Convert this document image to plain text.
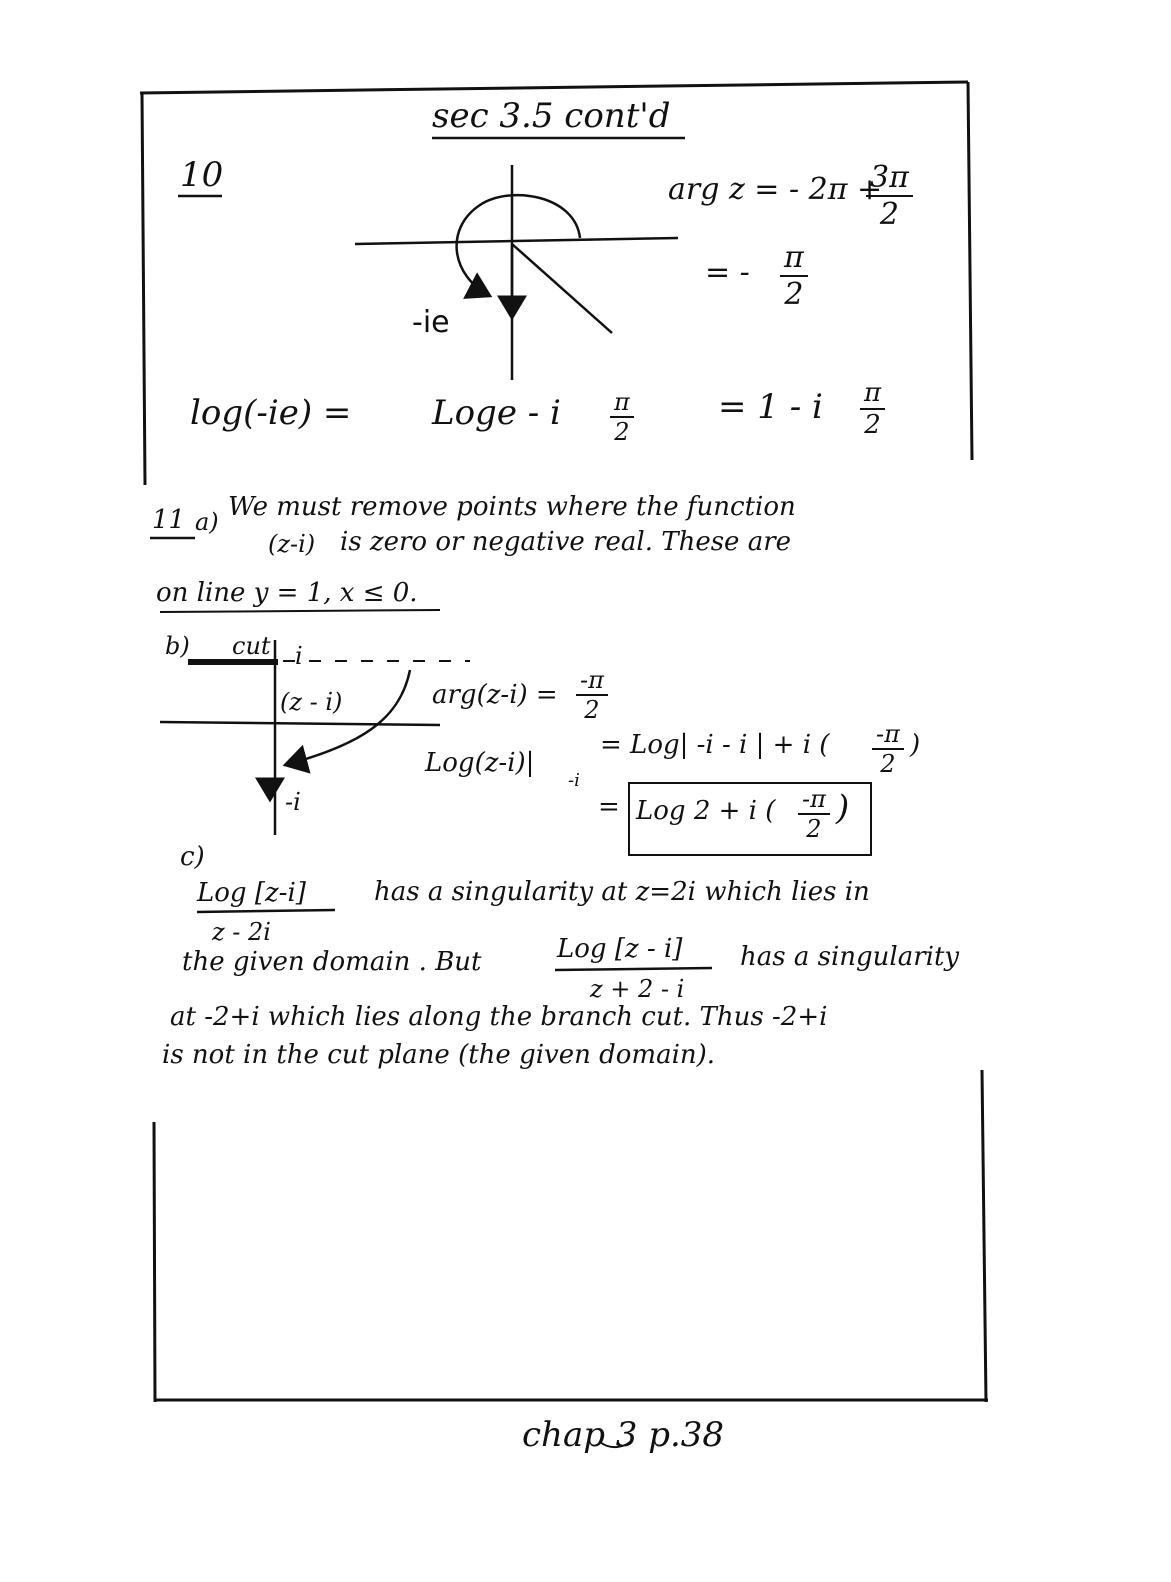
sec 3.5 cont'd
10	arg z = - 2π +
$\frac{3\pi}{2}$
= - $\frac{\pi}{2}$
-ie
log(-ie) = Loge - i $\frac{\pi}{2} = 1 - i \frac{\pi}{2}$
11 a) We must remove points where the function
(z-i) is zero or negative real. These are
on line y = 1, x ≤ 0.
b) cut i
(z - i)
-i
$arg(z-i) = \frac{-\pi}{2}$
Log(z-i)|
-i
= Log| -i - i | + i ( $\frac{-\pi}{2}$ )
= Log 2 + i ( $\frac{-\pi}{2}$ )
c)
Log [z-i]
z - 2i
has a singularity at z=2i which lies in
the given domain . But	Log [z - i]
z + 2 - i
has a singularity
at -2+i which lies along the branch cut. Thus -2+i
is not in the cut plane (the given domain).
chap 3 p.38
